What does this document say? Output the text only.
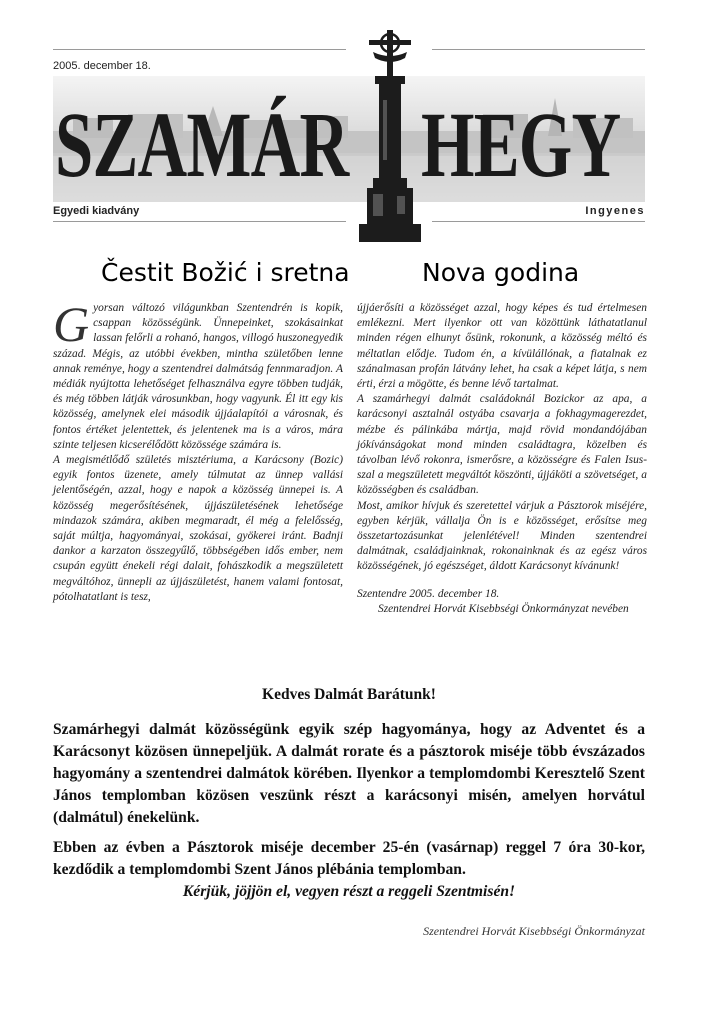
2005. december 18.
SZAMÁR HEGY
Egyedi kiadvány	Ingyenes
Čestit Božić i sretna	Nova godina

Gyorsan változó világunkban Szentendrén is kopik, csappan közösségünk. Ünnepeinket, szokásainkat lassan felőrli a rohanó, hangos, villogó huszonegyedik század. Mégis, az utóbbi években, mintha születőben lenne annak reménye, hogy a szentendrei dalmátság fennmaradjon. A médiák nyújtotta lehetőséget felhasználva egyre többen tudják, és még többen látják városunkban, hogy vagyunk. Él itt egy kis közösség, amelynek elei második újjáalapítói a városnak, és fontos értéket jelentettek, és jelentenek ma is a város, mára szinte teljesen kicserélődött közössége számára is.

A megismétlődő születés misztériuma, a Karácsony (Bozic) egyik fontos üzenete, amely túlmutat az ünnep vallási jelentőségén, azzal, hogy e napok a közösség ünnepei is. A közösség megerősítésének, újjászületésének lehetősége mindazok számára, akiben megmaradt, él még a felelősség, saját múltja, hagyományai, szokásai, gyökerei iránt. Badnji dankor a karzaton összegyűlő, többségében idős ember, nem csupán együtt énekeli régi dalait, fohászkodik a megszületett megváltóhoz, ünnepli az újjászületést, hanem valami fontosat, pótolhatatlant is tesz,

újjáerősíti a közösséget azzal, hogy képes és tud értelmesen emlékezni. Mert ilyenkor ott van közöttünk láthatatlanul minden régen elhunyt ősünk, rokonunk, a közösség méltó és méltatlan elődje. Tudom én, a kívülállónak, a fiatalnak ez szánalmasan profán látvány lehet, ha csak a képet látja, s nem érti, érzi a mögötte, és benne lévő tartalmat.

A szamárhegyi dalmát családoknál Bozickor az apa, a karácsonyi asztalnál ostyába csavarja a fokhagymagerezdet, mézbe és pálinkába mártja, majd rövid mondandójában jókívánságokat mond minden családtagra, közelben és távolban lévő rokonra, ismerősre, a közösségre és Falen Isus-szal a megszületett megváltót köszönti, újjáköti a szövetséget, a közösségben és családban.

Most, amikor hívjuk és szeretettel várjuk a Pásztorok miséjére, egyben kérjük, vállalja Ön is e közösséget, erősítse meg összetartozásunkat jelenlétével! Minden szentendrei dalmátnak, családjainknak, rokonainknak és az egész város közösségének, jó egészséget, áldott Karácsonyt kívánunk!

Szentendre 2005. december 18.

Szentendrei Horvát Kisebbségi Önkormányzat nevében

Kedves Dalmát Barátunk!
Szamárhegyi dalmát közösségünk egyik szép hagyománya, hogy az Adventet és a Karácsonyt közösen ünnepeljük. A dalmát rorate és a pásztorok miséje több évszázados hagyomány a szentendrei dalmátok körében. Ilyenkor a templomdombi Keresztelő Szent János templomban közösen veszünk részt a karácsonyi misén, amelyen horvátul (dalmátul) énekelünk.
Ebben az évben a Pásztorok miséje december 25-én (vasárnap) reggel 7 óra 30-kor, kezdődik a templomdombi Szent János plébánia templomban.
Kérjük, jöjjön el, vegyen részt a reggeli Szentmisén!
Szentendrei Horvát Kisebbségi Önkormányzat
